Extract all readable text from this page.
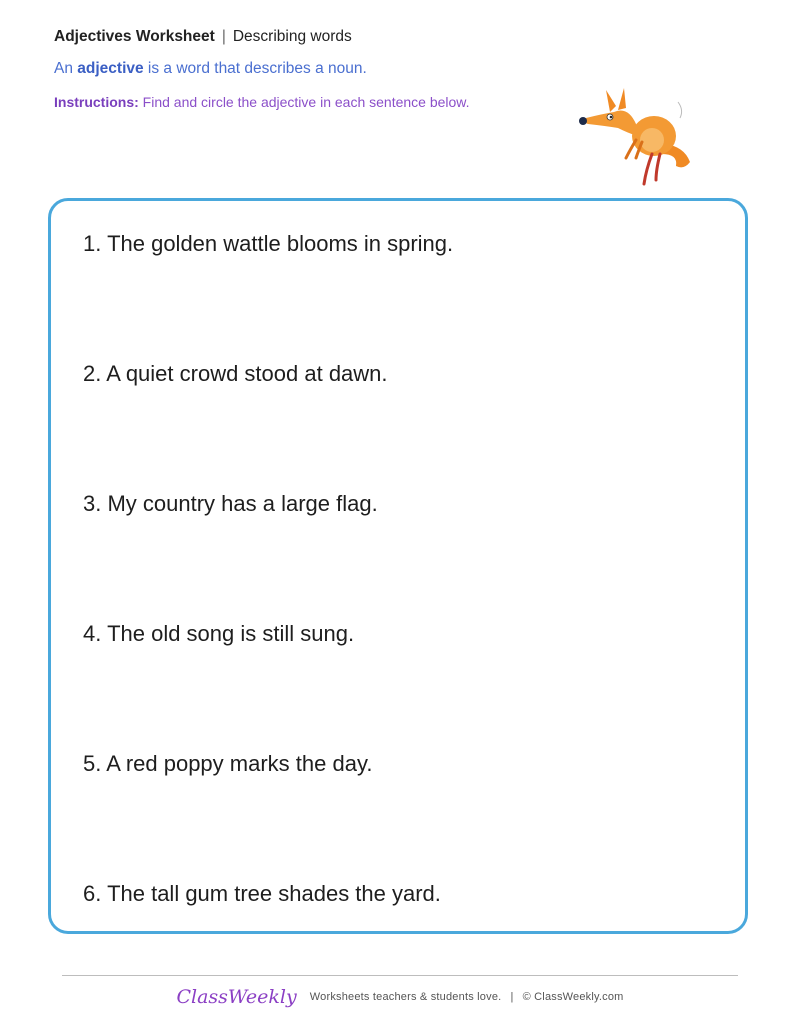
Adjectives Worksheet | Describing words
An adjective is a word that describes a noun.
Instructions: Find and circle the adjective in each sentence below.
1. The golden wattle blooms in spring.
2. A quiet crowd stood at dawn.
3. My country has a large flag.
4. The old song is still sung.
5. A red poppy marks the day.
6. The tall gum tree shades the yard.
ClassWeekly Worksheets teachers & students love. | © ClassWeekly.com
